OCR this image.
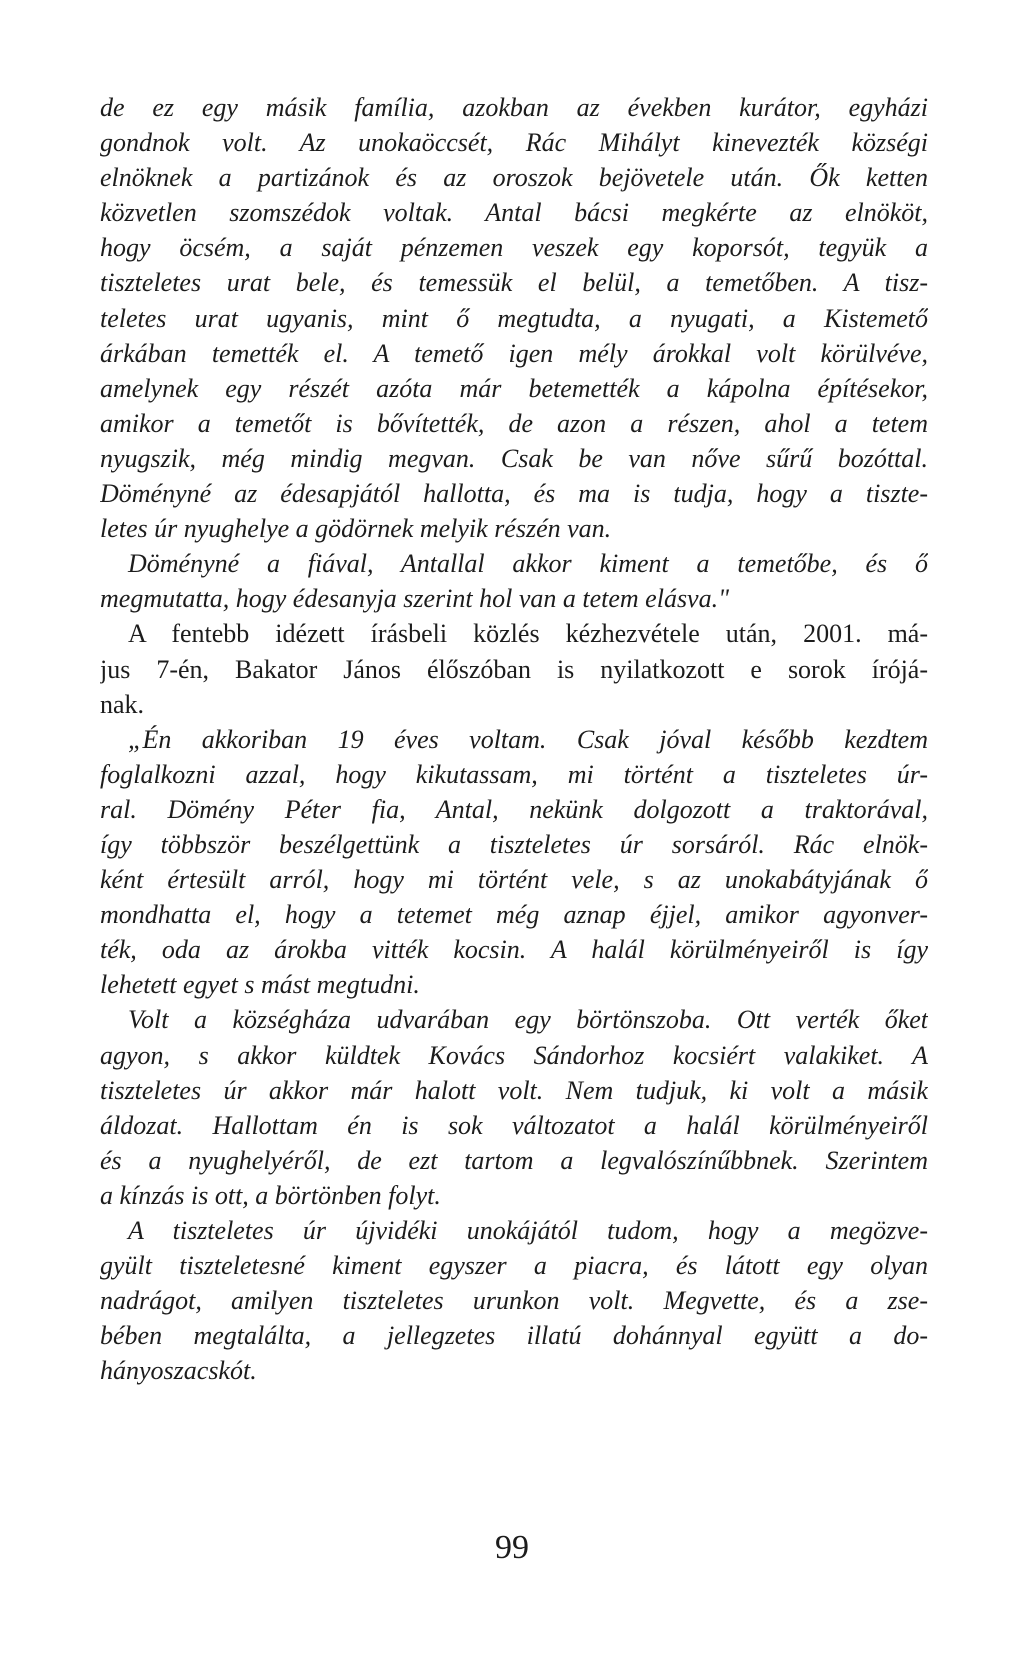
de ez egy másik família, azokban az években kurátor, egyházi
gondnok volt. Az unokaöccsét, Rác Mihályt kinevezték községi
elnöknek a partizánok és az oroszok bejövetele után. Ők ketten
közvetlen szomszédok voltak. Antal bácsi megkérte az elnököt,
hogy öcsém, a saját pénzemen veszek egy koporsót, tegyük a
tiszteletes urat bele, és temessük el belül, a temetőben. A tisz-
teletes urat ugyanis, mint ő megtudta, a nyugati, a Kistemető
árkában temették el. A temető igen mély árokkal volt körülvéve,
amelynek egy részét azóta már betemették a kápolna építésekor,
amikor a temetőt is bővítették, de azon a részen, ahol a tetem
nyugszik, még mindig megvan. Csak be van nőve sűrű bozóttal.
Döményné az édesapjától hallotta, és ma is tudja, hogy a tiszte-
letes úr nyughelye a gödörnek melyik részén van.
Döményné a fiával, Antallal akkor kiment a temetőbe, és ő
megmutatta, hogy édesanyja szerint hol van a tetem elásva."
A fentebb idézett írásbeli közlés kézhezvétele után, 2001. má-
jus 7-én, Bakator János élőszóban is nyilatkozott e sorok írójá-
nak.
„Én akkoriban 19 éves voltam. Csak jóval később kezdtem
foglalkozni azzal, hogy kikutassam, mi történt a tiszteletes úr-
ral. Dömény Péter fia, Antal, nekünk dolgozott a traktorával,
így többször beszélgettünk a tiszteletes úr sorsáról. Rác elnök-
ként értesült arról, hogy mi történt vele, s az unokabátyjának ő
mondhatta el, hogy a tetemet még aznap éjjel, amikor agyonver-
ték, oda az árokba vitték kocsin. A halál körülményeiről is így
lehetett egyet s mást megtudni.
Volt a községháza udvarában egy börtönszoba. Ott verték őket
agyon, s akkor küldtek Kovács Sándorhoz kocsiért valakiket. A
tiszteletes úr akkor már halott volt. Nem tudjuk, ki volt a másik
áldozat. Hallottam én is sok változatot a halál körülményeiről
és a nyughelyéről, de ezt tartom a legvalószínűbbnek. Szerintem
a kínzás is ott, a börtönben folyt.
A tiszteletes úr újvidéki unokájától tudom, hogy a megözve-
gyült tiszteletesné kiment egyszer a piacra, és látott egy olyan
nadrágot, amilyen tiszteletes urunkon volt. Megvette, és a zse-
bében megtalálta, a jellegzetes illatú dohánnyal együtt a do-
hányoszacskót.
99
